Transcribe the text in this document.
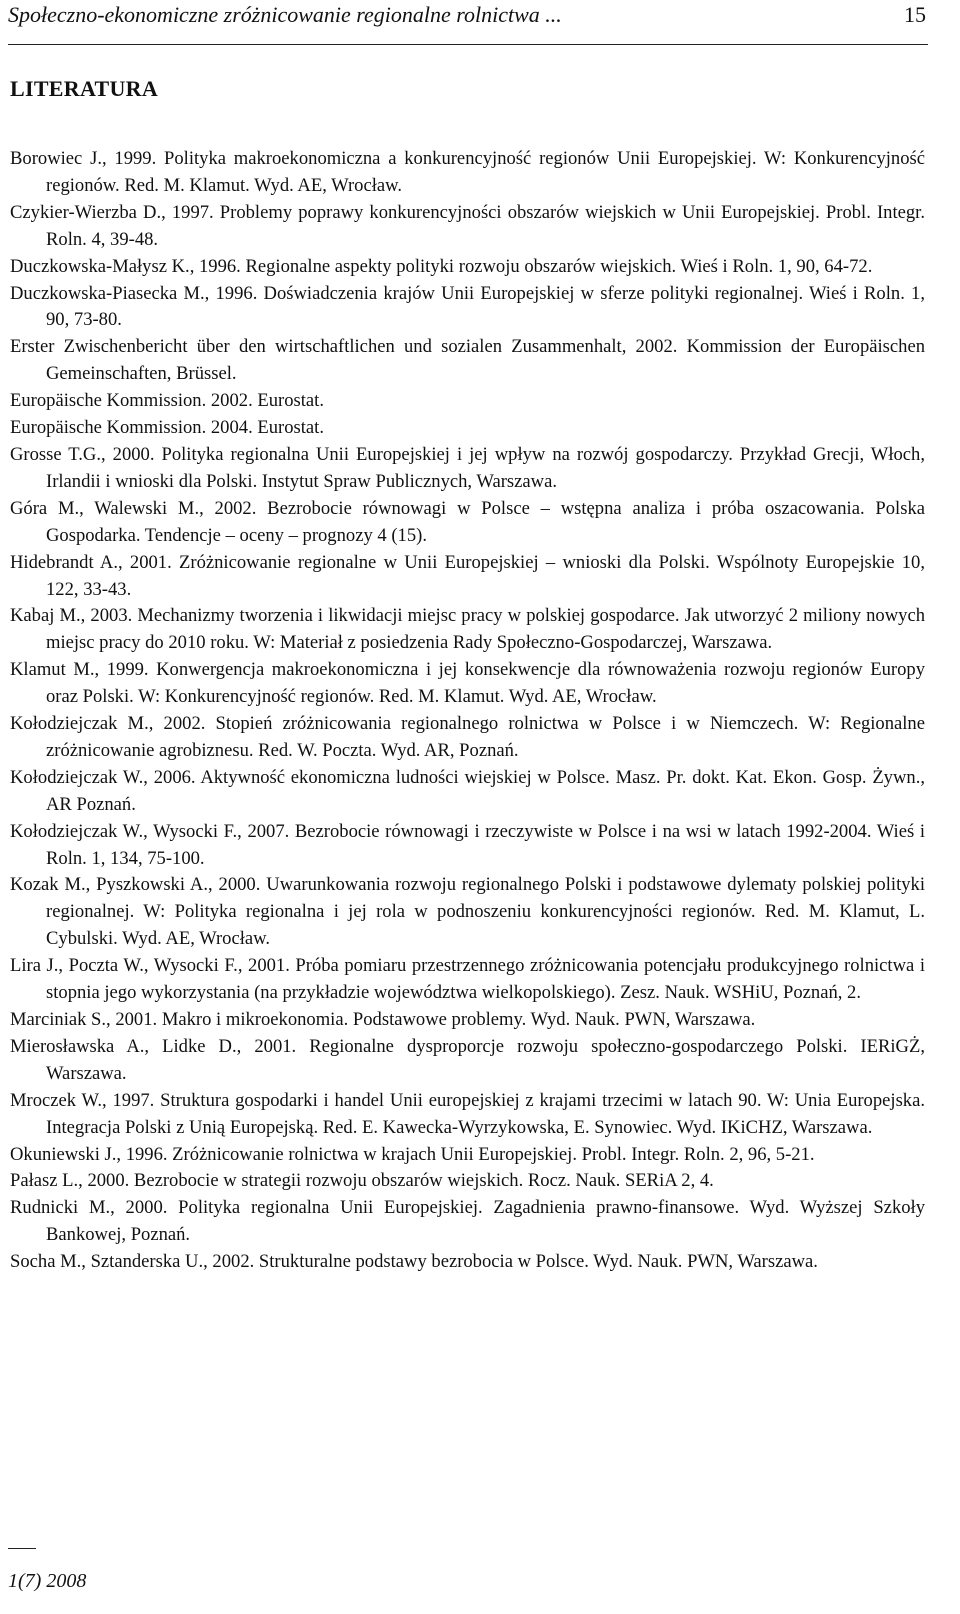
Społeczno-ekonomiczne zróżnicowanie regionalne rolnictwa ...	15
LITERATURA

Borowiec J., 1999. Polityka makroekonomiczna a konkurencyjność regionów Unii Europejskiej. W: Konkurencyjność regionów. Red. M. Klamut. Wyd. AE, Wrocław.

Czykier-Wierzba D., 1997. Problemy poprawy konkurencyjności obszarów wiejskich w Unii Europejskiej. Probl. Integr. Roln. 4, 39-48.

Duczkowska-Małysz K., 1996. Regionalne aspekty polityki rozwoju obszarów wiejskich. Wieś i Roln. 1, 90, 64-72.

Duczkowska-Piasecka M., 1996. Doświadczenia krajów Unii Europejskiej w sferze polityki regionalnej. Wieś i Roln. 1, 90, 73-80.

Erster Zwischenbericht über den wirtschaftlichen und sozialen Zusammenhalt, 2002. Kommission der Europäischen Gemeinschaften, Brüssel.

Europäische Kommission. 2002. Eurostat.

Europäische Kommission. 2004. Eurostat.

Grosse T.G., 2000. Polityka regionalna Unii Europejskiej i jej wpływ na rozwój gospodarczy. Przykład Grecji, Włoch, Irlandii i wnioski dla Polski. Instytut Spraw Publicznych, Warszawa.

Góra M., Walewski M., 2002. Bezrobocie równowagi w Polsce – wstępna analiza i próba oszacowania. Polska Gospodarka. Tendencje – oceny – prognozy 4 (15).

Hidebrandt A., 2001. Zróżnicowanie regionalne w Unii Europejskiej – wnioski dla Polski. Wspólnoty Europejskie 10, 122, 33-43.

Kabaj M., 2003. Mechanizmy tworzenia i likwidacji miejsc pracy w polskiej gospodarce. Jak utworzyć 2 miliony nowych miejsc pracy do 2010 roku. W: Materiał z posiedzenia Rady Społeczno-Gospodarczej, Warszawa.

Klamut M., 1999. Konwergencja makroekonomiczna i jej konsekwencje dla równoważenia rozwoju regionów Europy oraz Polski. W: Konkurencyjność regionów. Red. M. Klamut. Wyd. AE, Wrocław.

Kołodziejczak M., 2002. Stopień zróżnicowania regionalnego rolnictwa w Polsce i w Niemczech. W: Regionalne zróżnicowanie agrobiznesu. Red. W. Poczta. Wyd. AR, Poznań.

Kołodziejczak W., 2006. Aktywność ekonomiczna ludności wiejskiej w Polsce. Masz. Pr. dokt. Kat. Ekon. Gosp. Żywn., AR Poznań.

Kołodziejczak W., Wysocki F., 2007. Bezrobocie równowagi i rzeczywiste w Polsce i na wsi w latach 1992-2004. Wieś i Roln. 1, 134, 75-100.

Kozak M., Pyszkowski A., 2000. Uwarunkowania rozwoju regionalnego Polski i podstawowe dylematy polskiej polityki regionalnej. W: Polityka regionalna i jej rola w podnoszeniu konkurencyjności regionów. Red. M. Klamut, L. Cybulski. Wyd. AE, Wrocław.

Lira J., Poczta W., Wysocki F., 2001. Próba pomiaru przestrzennego zróżnicowania potencjału produkcyjnego rolnictwa i stopnia jego wykorzystania (na przykładzie województwa wielkopolskiego). Zesz. Nauk. WSHiU, Poznań, 2.

Marciniak S., 2001. Makro i mikroekonomia. Podstawowe problemy. Wyd. Nauk. PWN, Warszawa.

Mierosławska A., Lidke D., 2001. Regionalne dysproporcje rozwoju społeczno-gospodarczego Polski. IERiGŻ, Warszawa.

Mroczek W., 1997. Struktura gospodarki i handel Unii europejskiej z krajami trzecimi w latach 90. W: Unia Europejska. Integracja Polski z Unią Europejską. Red. E. Kawecka-Wyrzykowska, E. Synowiec. Wyd. IKiCHZ, Warszawa.

Okuniewski J., 1996. Zróżnicowanie rolnictwa w krajach Unii Europejskiej. Probl. Integr. Roln. 2, 96, 5-21.

Pałasz L., 2000. Bezrobocie w strategii rozwoju obszarów wiejskich. Rocz. Nauk. SERiA 2, 4.

Rudnicki M., 2000. Polityka regionalna Unii Europejskiej. Zagadnienia prawno-finansowe. Wyd. Wyższej Szkoły Bankowej, Poznań.

Socha M., Sztanderska U., 2002. Strukturalne podstawy bezrobocia w Polsce. Wyd. Nauk. PWN, Warszawa.

1(7) 2008
